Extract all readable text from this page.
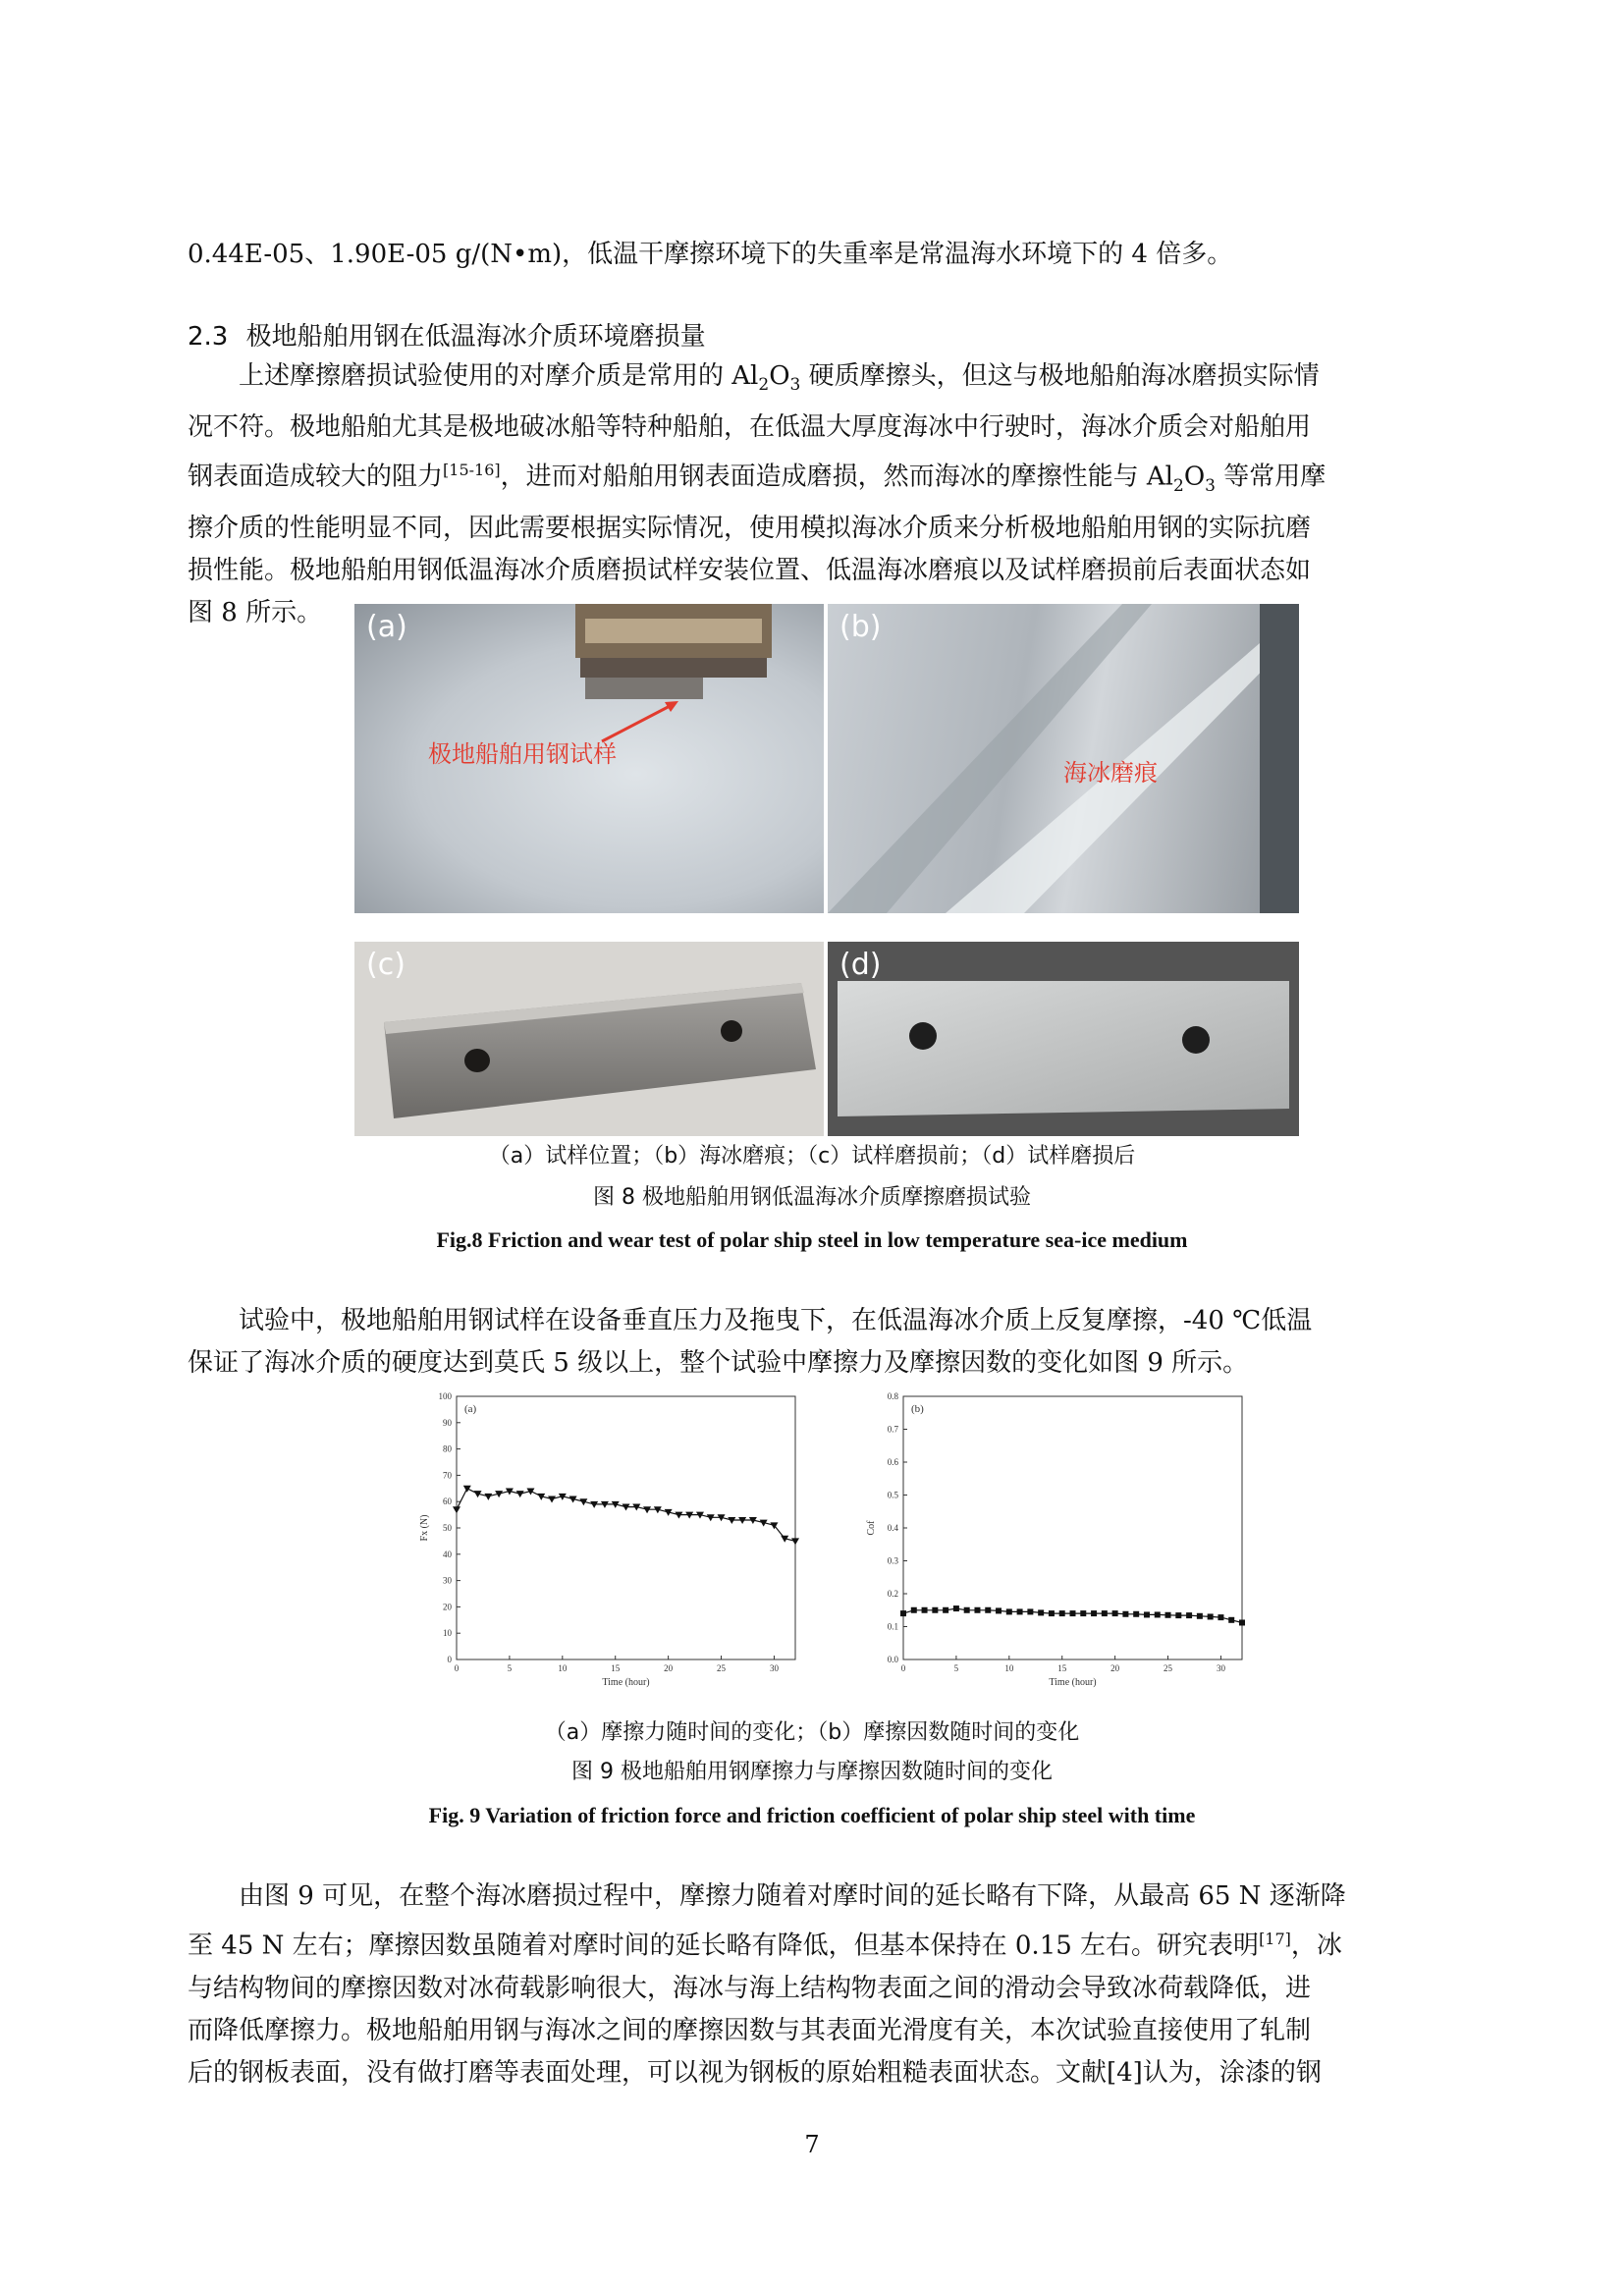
0.44E-05、1.90E-05 g/(N•m)，低温干摩擦环境下的失重率是常温海水环境下的 4 倍多。
2.3 极地船舶用钢在低温海冰介质环境磨损量
上述摩擦磨损试验使用的对摩介质是常用的 $Al_2O_3$ 硬质摩擦头，但这与极地船舶海冰磨损实际情
况不符。极地船舶尤其是极地破冰船等特种船舶，在低温大厚度海冰中行驶时，海冰介质会对船舶用
钢表面造成较大的阻力[15-16]，进而对船舶用钢表面造成磨损，然而海冰的摩擦性能与 $Al_2O_3$ 等常用摩
擦介质的性能明显不同，因此需要根据实际情况，使用模拟海冰介质来分析极地船舶用钢的实际抗磨
损性能。极地船舶用钢低温海冰介质磨损试样安装位置、低温海冰磨痕以及试样磨损前后表面状态如
图 8 所示。	(a)
极地船舶用钢试样
(b)
海冰磨痕
(c)	(d)
（a）试样位置；（b）海冰磨痕；（c）试样磨损前；（d）试样磨损后
图 8 极地船舶用钢低温海冰介质摩擦磨损试验
Fig.8 Friction and wear test of polar ship steel in low temperature sea-ice medium
试验中，极地船舶用钢试样在设备垂直压力及拖曳下，在低温海冰介质上反复摩擦，-40 ℃低温
保证了海冰介质的硬度达到莫氏 5 级以上，整个试验中摩擦力及摩擦因数的变化如图 9 所示。
0
10
20
30
40
50
60
70
80
90
100
0	5	10	15	20	25	30
Time (hour)
Fx (N)
(a)
0.0
0.1
0.2
0.3
0.4
0.5
0.6
0.7
0.8
0	5	10	15	20	25	30
Time (hour)
Cof
(b)
（a）摩擦力随时间的变化；（b）摩擦因数随时间的变化
图 9 极地船舶用钢摩擦力与摩擦因数随时间的变化
Fig. 9 Variation of friction force and friction coefficient of polar ship steel with time
由图 9 可见，在整个海冰磨损过程中，摩擦力随着对摩时间的延长略有下降，从最高 65 N 逐渐降
至 45 N 左右；摩擦因数虽随着对摩时间的延长略有降低，但基本保持在 0.15 左右。研究表明[17]，冰
与结构物间的摩擦因数对冰荷载影响很大，海冰与海上结构物表面之间的滑动会导致冰荷载降低，进
而降低摩擦力。极地船舶用钢与海冰之间的摩擦因数与其表面光滑度有关，本次试验直接使用了轧制
后的钢板表面，没有做打磨等表面处理，可以视为钢板的原始粗糙表面状态。文献[4]认为，涂漆的钢
7
